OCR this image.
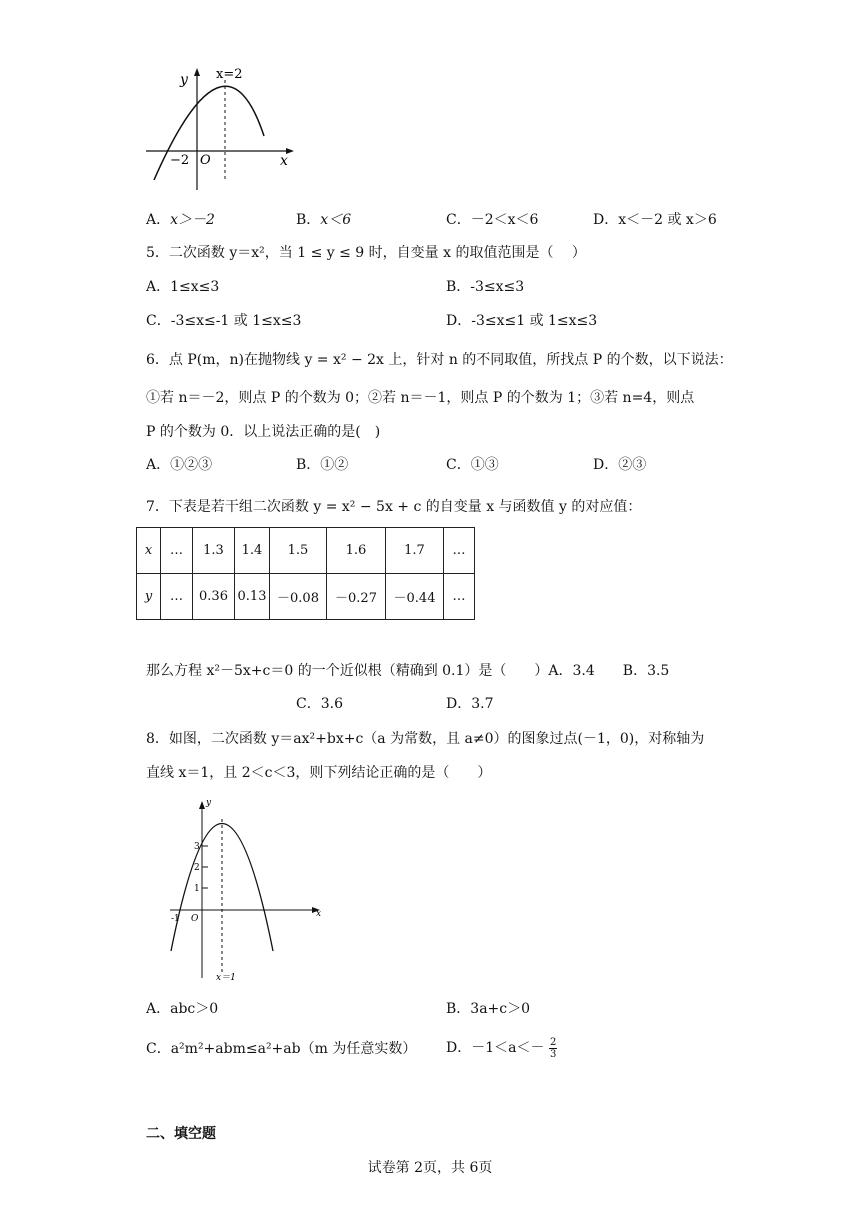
y x=2
x
O
−2
A．x＞－2	B．x＜6	C．－2＜x＜6	D．x＜－2 或 x＞6
5．二次函数 y＝x²，当 1 ≤ y ≤ 9 时，自变量 x 的取值范围是（　 ）
A．1≤x≤3	B．-3≤x≤3
C．-3≤x≤-1 或 1≤x≤3	D．-3≤x≤1 或 1≤x≤3
6．点 P(m，n)在抛物线 y = x² − 2x 上，针对 n 的不同取值，所找点 P 的个数，以下说法：
①若 n＝－2，则点 P 的个数为 0；②若 n＝－1，则点 P 的个数为 1；③若 n=4，则点
P 的个数为 0．以上说法正确的是(　)
A．①②③	B．①②	C．①③	D．②③
7．下表是若干组二次函数 y = x² − 5x + c 的自变量 x 与函数值 y 的对应值：
x	…	1.3	1.4	1.5	1.6	1.7	…
y	…	0.36	0.13	－0.08	－0.27	－0.44	…
那么方程 x²－5x+c＝0 的一个近似根（精确到 0.1）是（　　）A．3.4　　B．3.5
C．3.6	D．3.7
8．如图，二次函数 y＝ax²+bx+c（a 为常数，且 a≠0）的图象过点(－1，0)，对称轴为
直线 x＝1，且 2＜c＜3，则下列结论正确的是（　　）
y
x
O
-1
1
2
3
x＝1
A．abc＞0	B．3a+c＞0
C．a²m²+abm≤a²+ab（m 为任意实数） D．$-1<a<- \frac{2}{3}$
二、填空题
试卷第 2页，共 6页
